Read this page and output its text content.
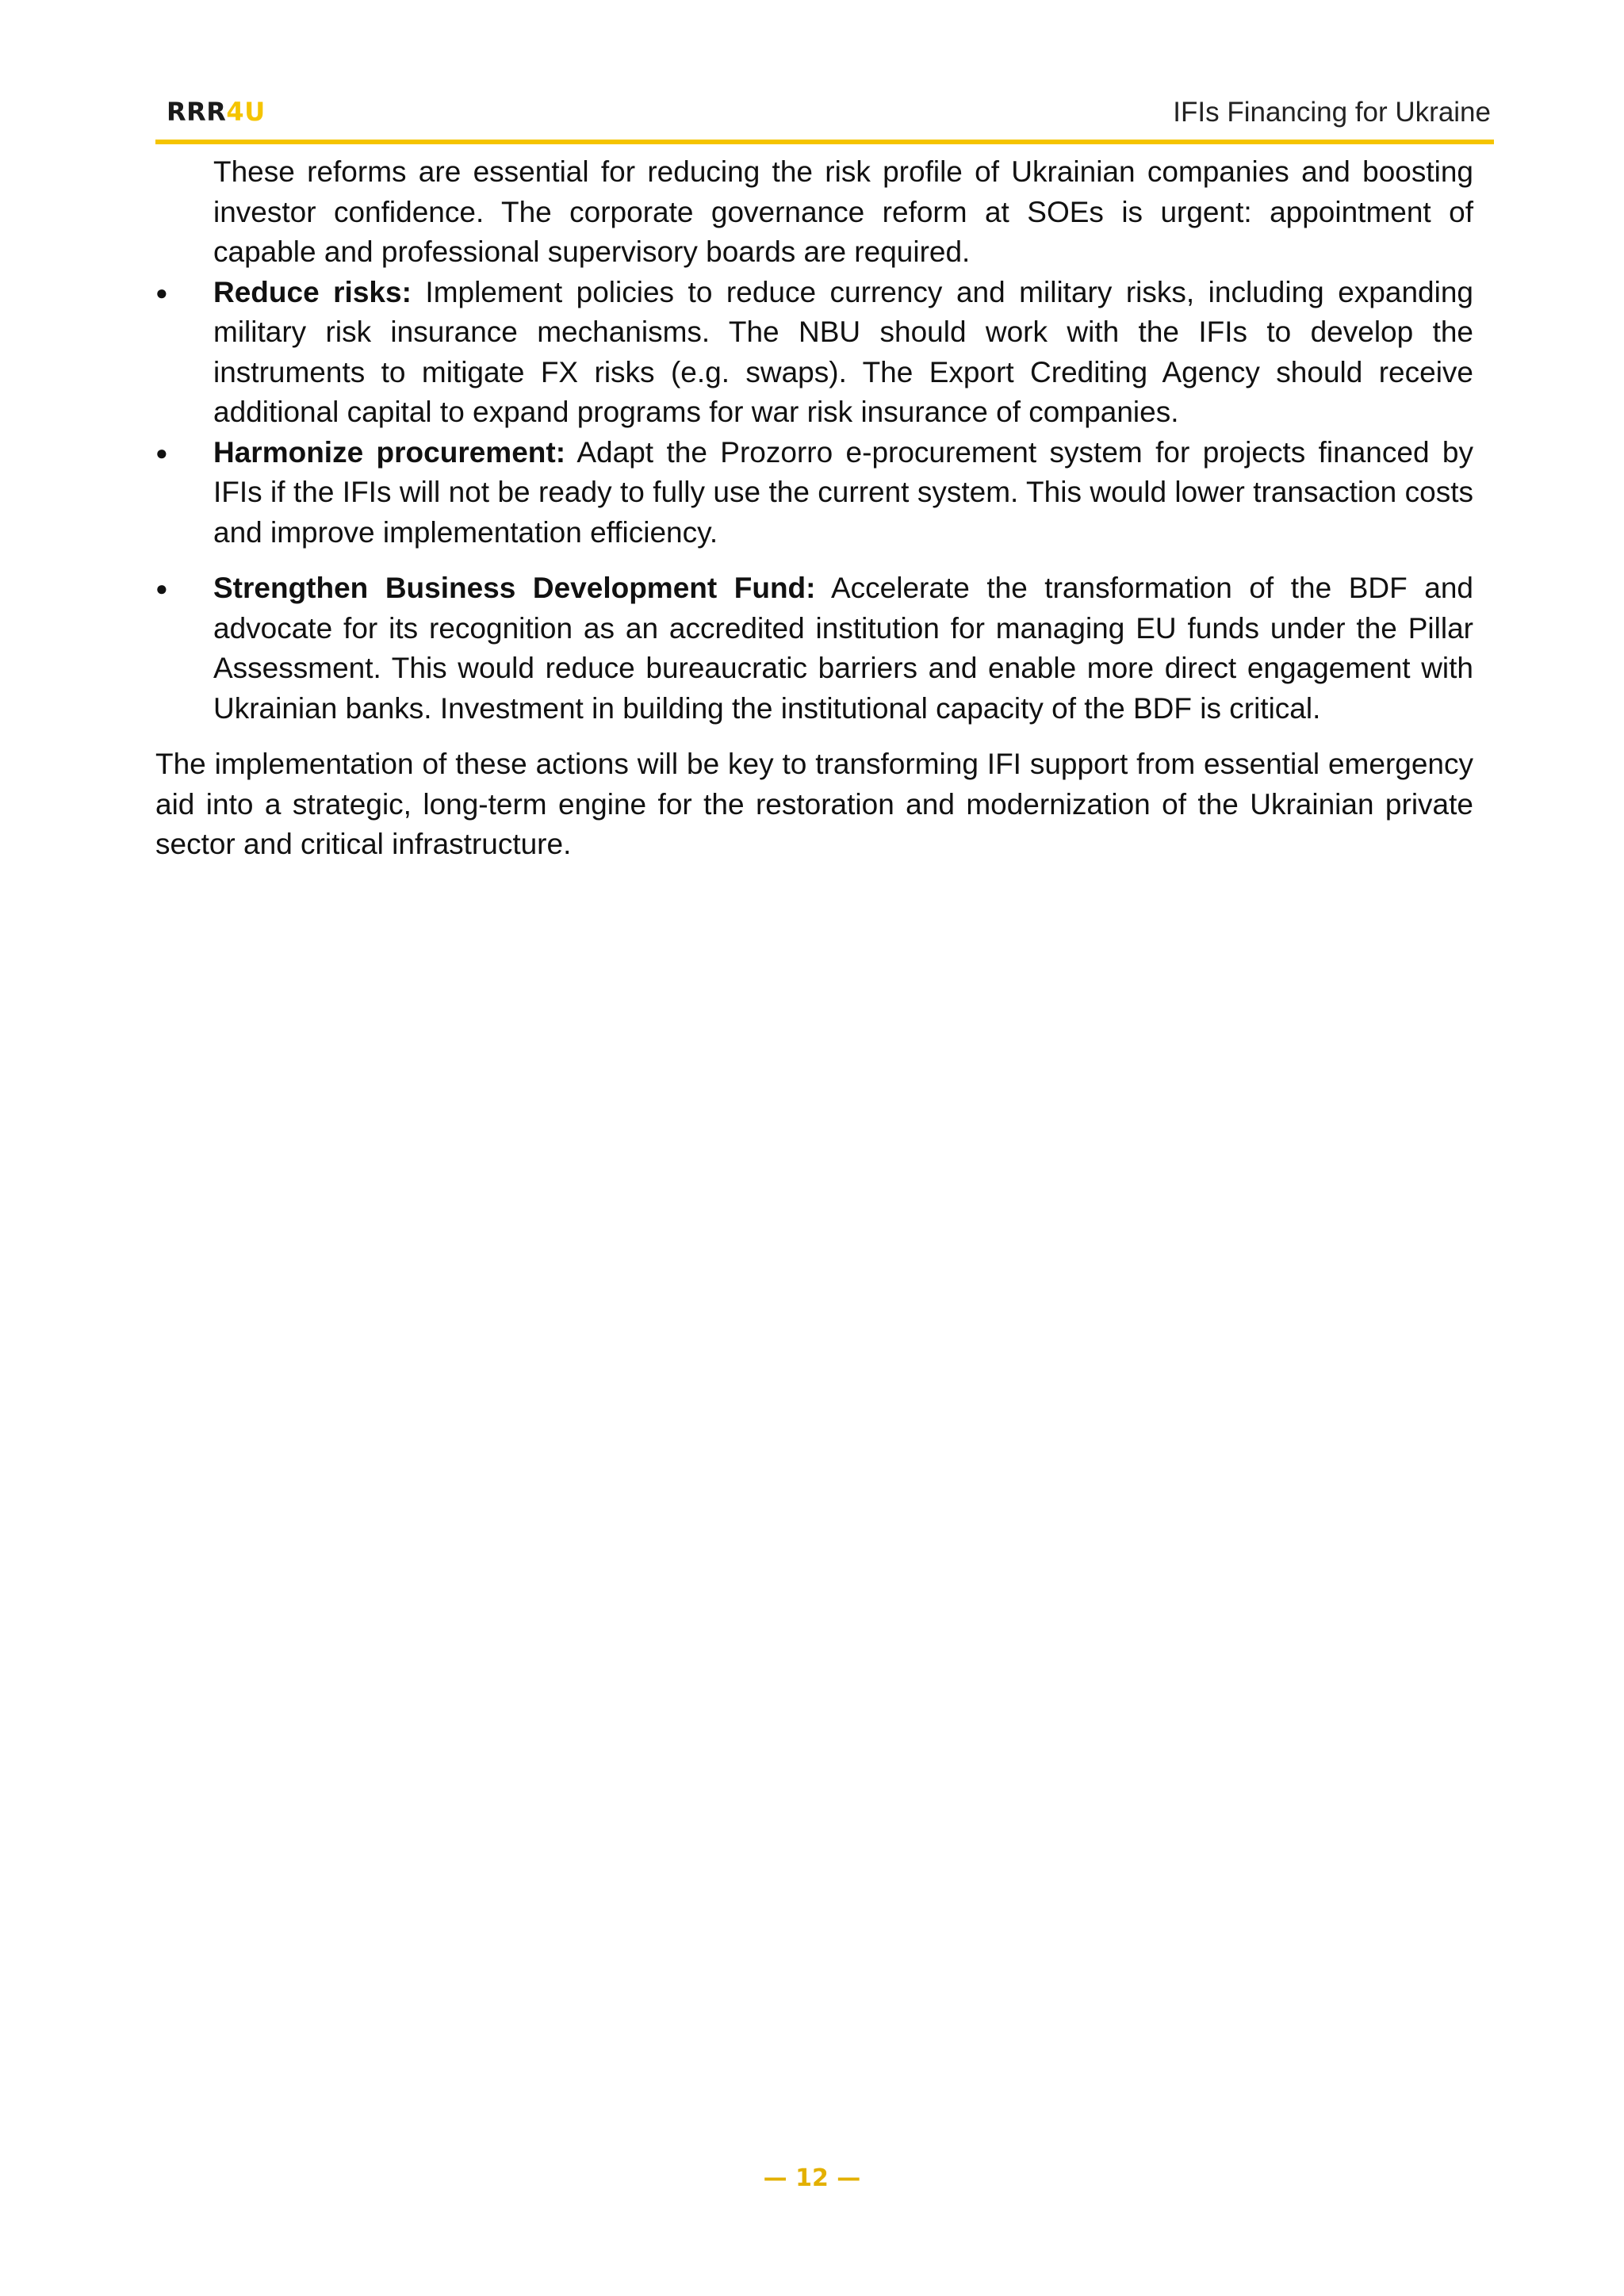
RRR4U	IFIs Financing for Ukraine

These reforms are essential for reducing the risk profile of Ukrainian companies and boosting investor confidence. The corporate governance reform at SOEs is urgent: appointment of capable and professional supervisory boards are required.

● Reduce risks: Implement policies to reduce currency and military risks, including expanding military risk insurance mechanisms. The NBU should work with the IFIs to develop the instruments to mitigate FX risks (e.g. swaps). The Export Crediting Agency should receive additional capital to expand programs for war risk insurance of companies.
● Harmonize procurement: Adapt the Prozorro e-procurement system for projects financed by IFIs if the IFIs will not be ready to fully use the current system. This would lower transaction costs and improve implementation efficiency.
● Strengthen Business Development Fund: Accelerate the transformation of the BDF and advocate for its recognition as an accredited institution for managing EU funds under the Pillar Assessment. This would reduce bureaucratic barriers and enable more direct engagement with Ukrainian banks. Investment in building the institutional capacity of the BDF is critical.

The implementation of these actions will be key to transforming IFI support from essential emergency aid into a strategic, long-term engine for the restoration and modernization of the Ukrainian private sector and critical infrastructure.

— 12 —
